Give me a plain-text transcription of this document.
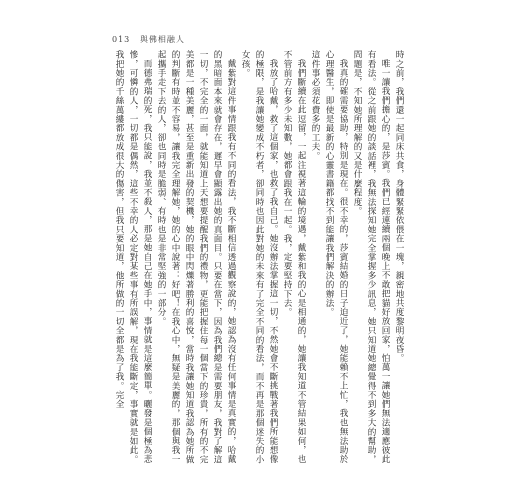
013 與佛相融人

時之前，我們還一起同床共食，身體緊緊依偎在一塊，親密地共度黎明夜昏。

唯一讓我們擔心的，是莎賓。我們已經連續兩個晚上不敢把貓好放回家，怕萬一讓她們無法適應彼此有看法。從之前跟她的談話裡，我無法探知她完全掌握多少訊息，她只知道她總覺得不到多大的幫助，問題是，不知她所理解的又是什麼程度。

我真的確需要協助，特別是現在。很不幸的，莎賓結婚的日子迫近了，她能賴不上忙，我也無法助於心理醫生，即使是最新的心靈書籍都找不到能讓我們解決的辦法。

這件事必須花費多的工夫。

我們斷續在此逗留，一起注視著這輪的境遇，戴紫和我的心是相通的，她讓我知道不管結果如何，也不管前方有多少未知數，她都會跟我在一起。我，定要堅持下去。

我放了哈戴，救了這個家，也救了我自己。她沒辦法掌握這一切，不然她會不斷挑戰著我們所能想像的極限，是我讓她變成不朽者，卻同時也因此對她的未來有了完全不同的看法，而不再是那個迷失的小女孩。

戴紫對這件事情跟我有不同的看法，我不斷相信透過觀察說的，她認為沒有任何事情是真實的，哈戴的黑暗面本來就會存在，遲早會顯露出她的真面目。只要在當下，因為我們總是需要朋友，我對了解這一切，不完全的一面，就能知道上天想要提醒我們的禮物，更能把握住每一個當下的珍貴，所有的不完美都是一種美麗，甚至是重新出發的契機，她的眼中閃爍著勝利的喜悅，當時我讓她知道我認為她所做的判斷有時並不容易，讓我完全理解她，她的心中說著：好吧！在我心中，無疑是美麗的，那個與我一起攜手走下去的人，卻也同時是脆弱、有時也是非常堅強的一部分。

而德弗瑞的死，我只能說，我並不殺人，那是她自己在她手中，事情就是這麼簡單。曬發是個極為悲慘，可憐的人，一切都是偶然，這些不幸的人必定對某些事有所誤解，現在我能斷定，事實就是如此。我把她的千絲萬縷都放成很大的傷害，但我只要知道，他所做的一切全都是為了我。完全
